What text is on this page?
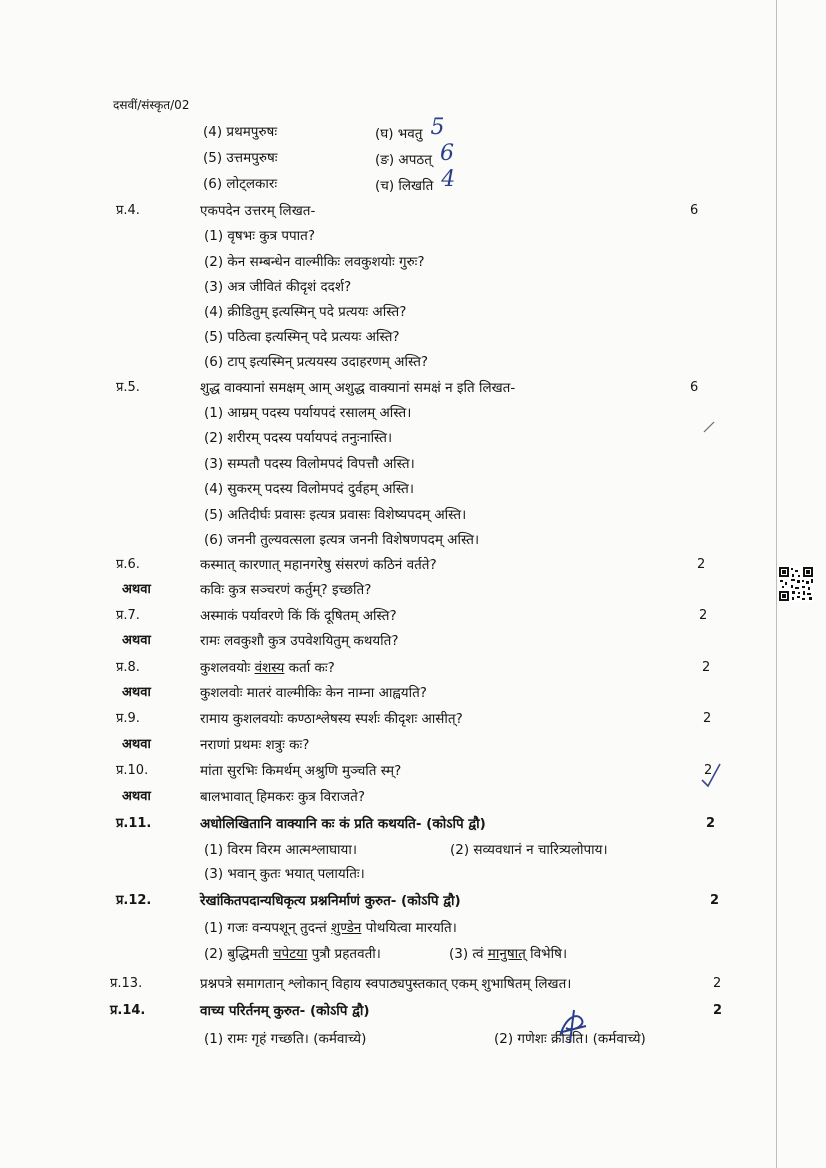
दसवीं/संस्कृत/02
(4) प्रथमपुरुषः	(घ) भवतु 5
(5) उत्तमपुरुषः	(ङ) अपठत् 6
(6) लोट्लकारः	(च) लिखति 4
प्र.4.	एकपदेन उत्तरम् लिखत-	6
(1) वृषभः कुत्र पपात?
(2) केन सम्बन्धेन वाल्मीकिः लवकुशयोः गुरुः?
(3) अत्र जीवितं कीदृशं ददर्श?
(4) क्रीडितुम् इत्यस्मिन् पदे प्रत्ययः अस्ति?
(5) पठित्वा इत्यस्मिन् पदे प्रत्ययः अस्ति?
(6) टाप् इत्यस्मिन् प्रत्ययस्य उदाहरणम् अस्ति?
प्र.5.	शुद्ध वाक्यानां समक्षम् आम् अशुद्ध वाक्यानां समक्षं न इति लिखत-	6
(1) आम्रम् पदस्य पर्यायपदं रसालम् अस्ति।
(2) शरीरम् पदस्य पर्यायपदं तनुःनास्ति।
(3) सम्पतौ पदस्य विलोमपदं विपत्तौ अस्ति।
(4) सुकरम् पदस्य विलोमपदं दुर्वहम् अस्ति।
(5) अतिदीर्घः प्रवासः इत्यत्र प्रवासः विशेष्यपदम् अस्ति।
(6) जननी तुल्यवत्सला इत्यत्र जननी विशेषणपदम् अस्ति।
प्र.6.	कस्मात् कारणात् महानगरेषु संसरणं कठिनं वर्तते?	2
अथवा	कविः कुत्र सञ्चरणं कर्तुम्? इच्छति?
प्र.7.	अस्माकं पर्यावरणे किं किं दूषितम् अस्ति?	2
अथवा	रामः लवकुशौ कुत्र उपवेशयितुम् कथयति?
प्र.8.	कुशलवयोः वंशस्य कर्ता कः?	2
अथवा	कुशलवोः मातरं वाल्मीकिः केन नाम्ना आह्वयति?
प्र.9.	रामाय कुशलवयोः कण्ठाश्लेषस्य स्पर्शः कीदृशः आसीत्?	2
अथवा	नराणां प्रथमः शत्रुः कः?
प्र.10.	मांता सुरभिः किमर्थम् अश्रुणि मुञ्चति स्म्?	2
अथवा	बालभावात् हिमकरः कुत्र विराजते?
प्र.11.	अधोलिखितानि वाक्यानि कः कं प्रति कथयति- (कोऽपि द्वौ)	2
(1) विरम विरम आत्मश्लाघाया।	(2) सव्यवधानं न चारित्र्यलोपाय।
(3) भवान् कुतः भयात् पलायतिः।
प्र.12.	रेखांकितपदान्यधिकृत्य प्रश्ननिर्माणं कुरुत- (कोऽपि द्वौ)	2
(1) गजः वन्यपशून् तुदन्तं शुण्डेन पोथयित्वा मारयति।
(2) बुद्धिमती चपेटया पुत्रौ प्रहतवती।	(3) त्वं मानुषात् विभेषि।
प्र.13.	प्रश्नपत्रे समागतान् श्लोकान् विहाय स्वपाठ्यपुस्तकात् एकम् शुभाषितम् लिखत।	2
प्र.14.	वाच्य परिर्तनम् कुरुत- (कोऽपि द्वौ)	2
(1) रामः गृहं गच्छति। (कर्मवाच्ये)	(2) गणेशः क्रीडति। (कर्मवाच्ये)
